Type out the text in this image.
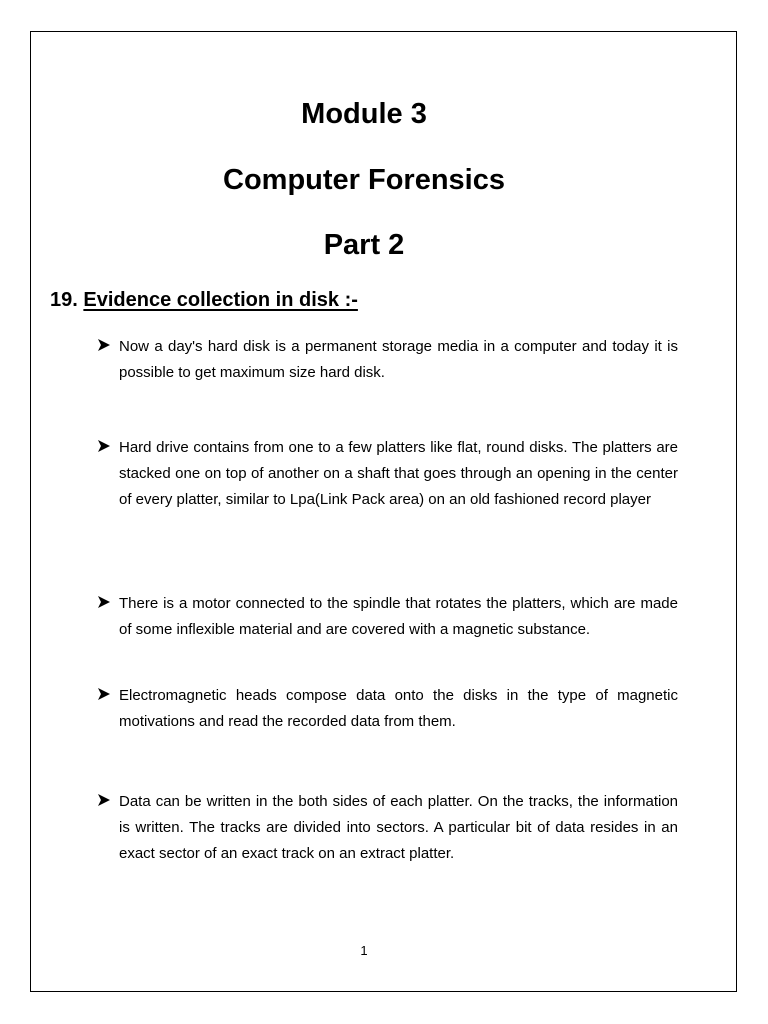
Module 3
Computer Forensics
Part 2
19. Evidence collection in disk :-
Now a day's hard disk is a permanent storage media in a computer and today it is possible to get maximum size hard disk.
Hard drive contains from one to a few platters like flat, round disks. The platters are stacked one on top of another on a shaft that goes through an opening in the center of every platter, similar to Lpa(Link Pack area) on an old fashioned record player
There is a motor connected to the spindle that rotates the platters, which are made of some inflexible material and are covered with a magnetic substance.
Electromagnetic heads compose data onto the disks in the type of magnetic motivations and read the recorded data from them.
Data can be written in the both sides of each platter. On the tracks, the information is written. The tracks are divided into sectors. A particular bit of data resides in an exact sector of an exact track on an extract platter.
1
